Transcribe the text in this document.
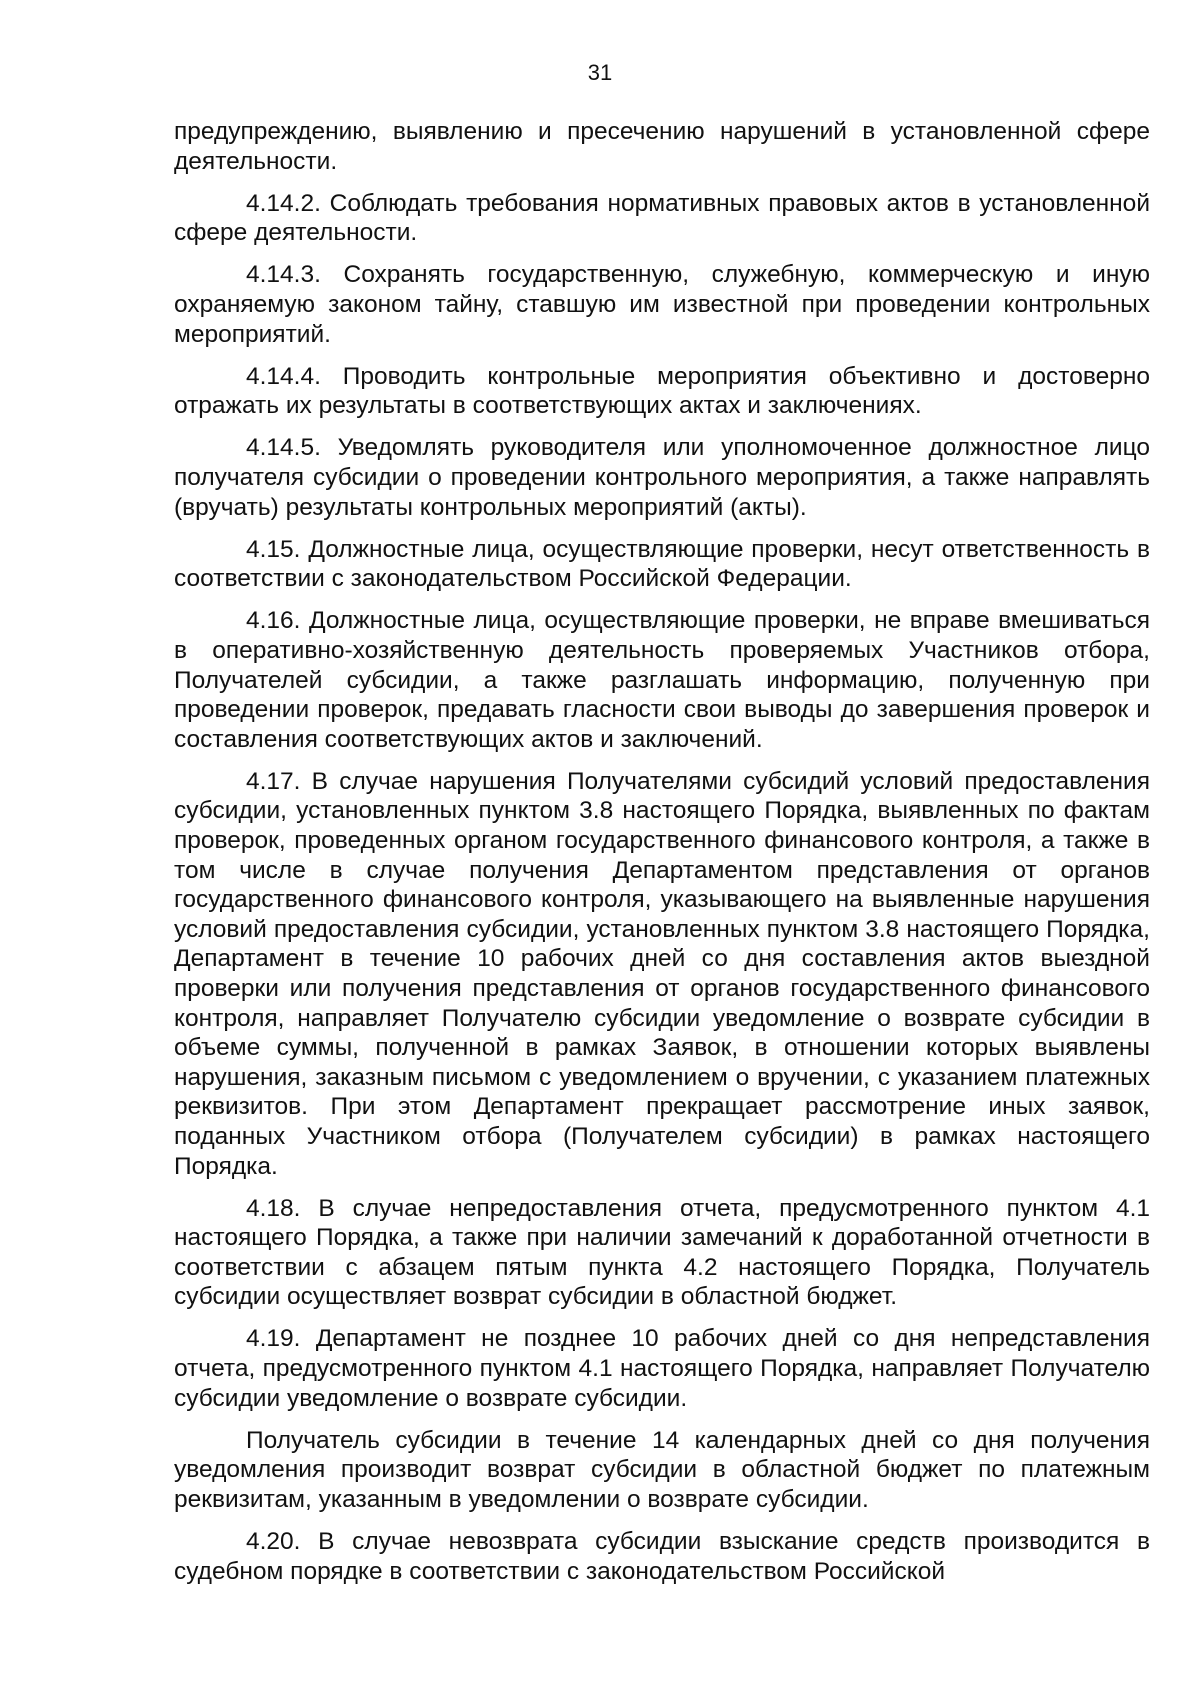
31

предупреждению, выявлению и пресечению нарушений в установленной сфере деятельности.

4.14.2. Соблюдать требования нормативных правовых актов в установленной сфере деятельности.

4.14.3. Сохранять государственную, служебную, коммерческую и иную охраняемую законом тайну, ставшую им известной при проведении контрольных мероприятий.

4.14.4. Проводить контрольные мероприятия объективно и достоверно отражать их результаты в соответствующих актах и заключениях.

4.14.5. Уведомлять руководителя или уполномоченное должностное лицо получателя субсидии о проведении контрольного мероприятия, а также направлять (вручать) результаты контрольных мероприятий (акты).

4.15. Должностные лица, осуществляющие проверки, несут ответственность в соответствии с законодательством Российской Федерации.

4.16. Должностные лица, осуществляющие проверки, не вправе вмешиваться в оперативно-хозяйственную деятельность проверяемых Участников отбора, Получателей субсидии, а также разглашать информацию, полученную при проведении проверок, предавать гласности свои выводы до завершения проверок и составления соответствующих актов и заключений.

4.17. В случае нарушения Получателями субсидий условий предоставления субсидии, установленных пунктом 3.8 настоящего Порядка, выявленных по фактам проверок, проведенных органом государственного финансового контроля, а также в том числе в случае получения Департаментом представления от органов государственного финансового контроля, указывающего на выявленные нарушения условий предоставления субсидии, установленных пунктом 3.8 настоящего Порядка, Департамент в течение 10 рабочих дней со дня составления актов выездной проверки или получения представления от органов государственного финансового контроля, направляет Получателю субсидии уведомление о возврате субсидии в объеме суммы, полученной в рамках Заявок, в отношении которых выявлены нарушения, заказным письмом с уведомлением о вручении, с указанием платежных реквизитов. При этом Департамент прекращает рассмотрение иных заявок, поданных Участником отбора (Получателем субсидии) в рамках настоящего Порядка.

4.18. В случае непредоставления отчета, предусмотренного пунктом 4.1 настоящего Порядка, а также при наличии замечаний к доработанной отчетности в соответствии с абзацем пятым пункта 4.2 настоящего Порядка, Получатель субсидии осуществляет возврат субсидии в областной бюджет.

4.19. Департамент не позднее 10 рабочих дней со дня непредставления отчета, предусмотренного пунктом 4.1 настоящего Порядка, направляет Получателю субсидии уведомление о возврате субсидии.

Получатель субсидии в течение 14 календарных дней со дня получения уведомления производит возврат субсидии в областной бюджет по платежным реквизитам, указанным в уведомлении о возврате субсидии.

4.20. В случае невозврата субсидии взыскание средств производится в судебном порядке в соответствии с законодательством Российской
